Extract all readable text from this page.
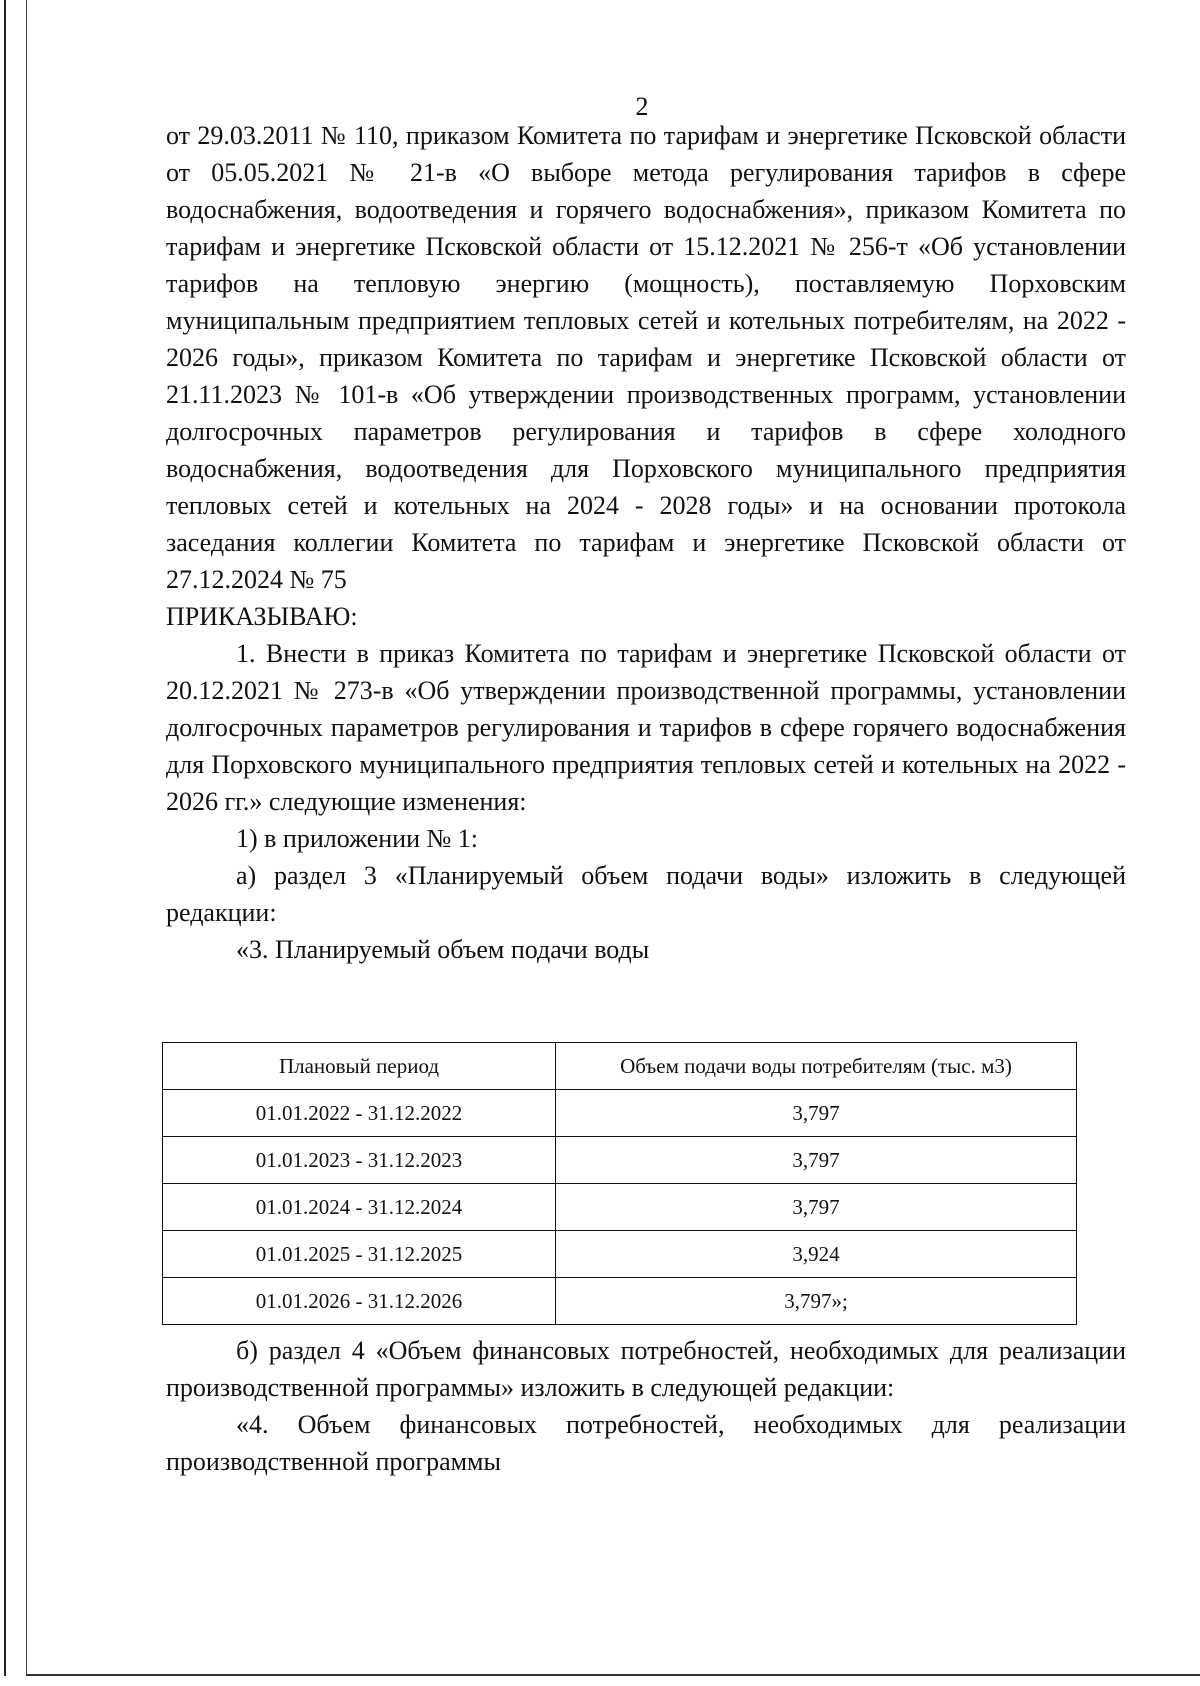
2

от 29.03.2011 № 110, приказом Комитета по тарифам и энергетике Псковской области от 05.05.2021 № 21-в «О выборе метода регулирования тарифов в сфере водоснабжения, водоотведения и горячего водоснабжения», приказом Комитета по тарифам и энергетике Псковской области от 15.12.2021 № 256-т «Об установлении тарифов на тепловую энергию (мощность), поставляемую Порховским муниципальным предприятием тепловых сетей и котельных потребителям, на 2022 - 2026 годы», приказом Комитета по тарифам и энергетике Псковской области от 21.11.2023 № 101-в «Об утверждении производственных программ, установлении долгосрочных параметров регулирования и тарифов в сфере холодного водоснабжения, водоотведения для Порховского муниципального предприятия тепловых сетей и котельных на 2024 - 2028 годы» и на основании протокола заседания коллегии Комитета по тарифам и энергетике Псковской области от 27.12.2024 № 75

ПРИКАЗЫВАЮ:

1. Внести в приказ Комитета по тарифам и энергетике Псковской области от 20.12.2021 № 273-в «Об утверждении производственной программы, установлении долгосрочных параметров регулирования и тарифов в сфере горячего водоснабжения для Порховского муниципального предприятия тепловых сетей и котельных на 2022 - 2026 гг.» следующие изменения:

1) в приложении № 1:

а) раздел 3 «Планируемый объем подачи воды» изложить в следующей редакции:

«3. Планируемый объем подачи воды

Плановый период	Объем подачи воды потребителям (тыс. м3)
01.01.2022 - 31.12.2022	3,797
01.01.2023 - 31.12.2023	3,797
01.01.2024 - 31.12.2024	3,797
01.01.2025 - 31.12.2025	3,924
01.01.2026 - 31.12.2026	3,797»;

б) раздел 4 «Объем финансовых потребностей, необходимых для реализации производственной программы» изложить в следующей редакции:

«4. Объем финансовых потребностей, необходимых для реализации производственной программы
